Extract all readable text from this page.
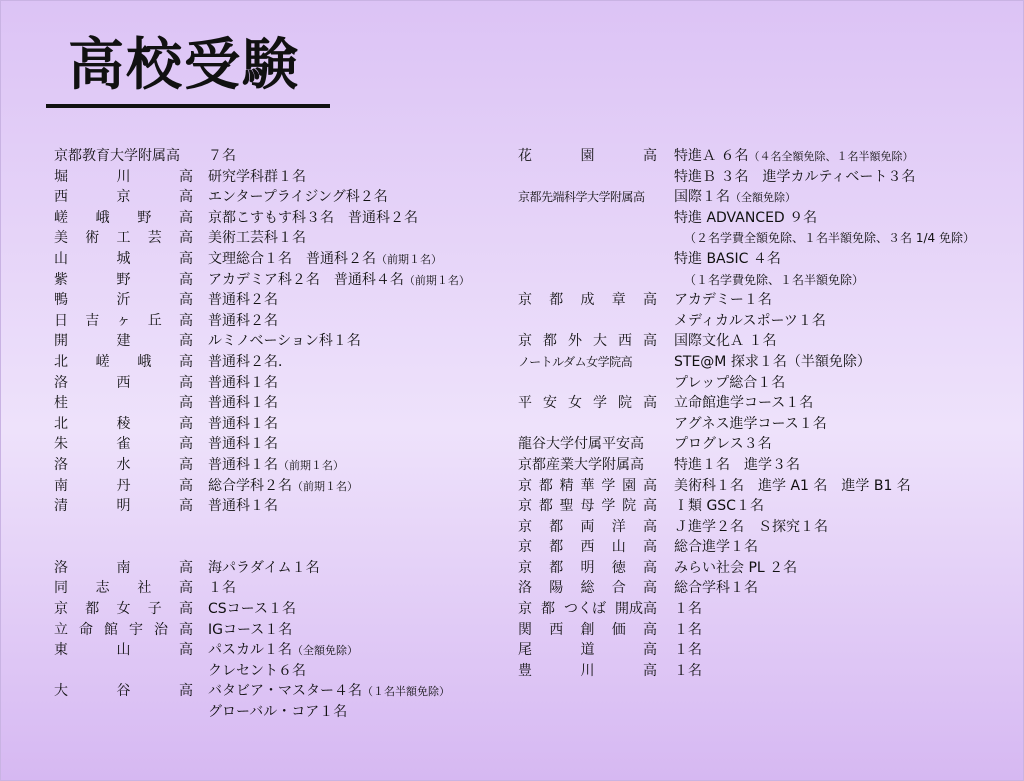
高校受験
京都教育大学附属高	７名
堀	川	高 研究学科群１名
西	京	高 エンタープライジング科２名
嵯 峨 野 高 京都こすもす科３名　普通科２名
美 術 工 芸 高 美術工芸科１名
山	城	高 文理総合１名　普通科２名（前期１名）
紫	野	高 アカデミア科２名　普通科４名（前期１名）
鴨	沂	高 普通科２名
日 吉 ヶ 丘 高 普通科２名
開	建	高 ルミノベーション科１名
北 嵯 峨 高 普通科２名．
洛	西	高 普通科１名
桂	高 普通科１名
北	稜	高 普通科１名
朱	雀	高 普通科１名
洛	水	高 普通科１名（前期１名）
南	丹	高 総合学科２名（前期１名）
清	明	高 普通科１名
洛	南	高 海パラダイム１名
同 志 社 高 １名
京 都 女 子 高 CSコース１名
立 命 館 宇 治 高 IGコース１名
東	山	高 パスカル１名（全額免除）
クレセント６名
大	谷	高 バタビア・マスター４名（１名半額免除）
グローバル・コア１名
花	園	高 特進Ａ ６名（４名全額免除、１名半額免除）
特進Ｂ ３名　進学カルティベート３名
京都先端科学大学附属高	国際１名（全額免除）
特進 ADVANCED ９名
（２名学費全額免除、１名半額免除、３名 1/4 免除）
特進 BASIC ４名
（１名学費免除、１名半額免除）
京 都 成 章 高 アカデミー１名
メディカルスポーツ１名
京 都 外 大 西 高 国際文化Ａ １名
ノートルダム女学院高	STE@M 探求１名（半額免除）
プレップ総合１名
平 安 女 学 院 高 立命館進学コース１名
アグネス進学コース１名
龍谷大学付属平安高	プログレス３名
京都産業大学附属高	特進１名　進学３名
京 都 精 華 学 園 高 美術科１名　進学 A1 名　進学 B1 名
京 都 聖 母 学 院 高 Ｉ類 GSC１名
京 都 両 洋 高 Ｊ進学２名　Ｓ探究１名
京 都 西 山 高 総合進学１名
京 都 明 徳 高 みらい社会 PL ２名
洛 陽 総 合 高 総合学科１名
京 都 つくば 開成高 １名
関 西 創 価 高 １名
尾	道	高 １名
豊	川	高 １名
